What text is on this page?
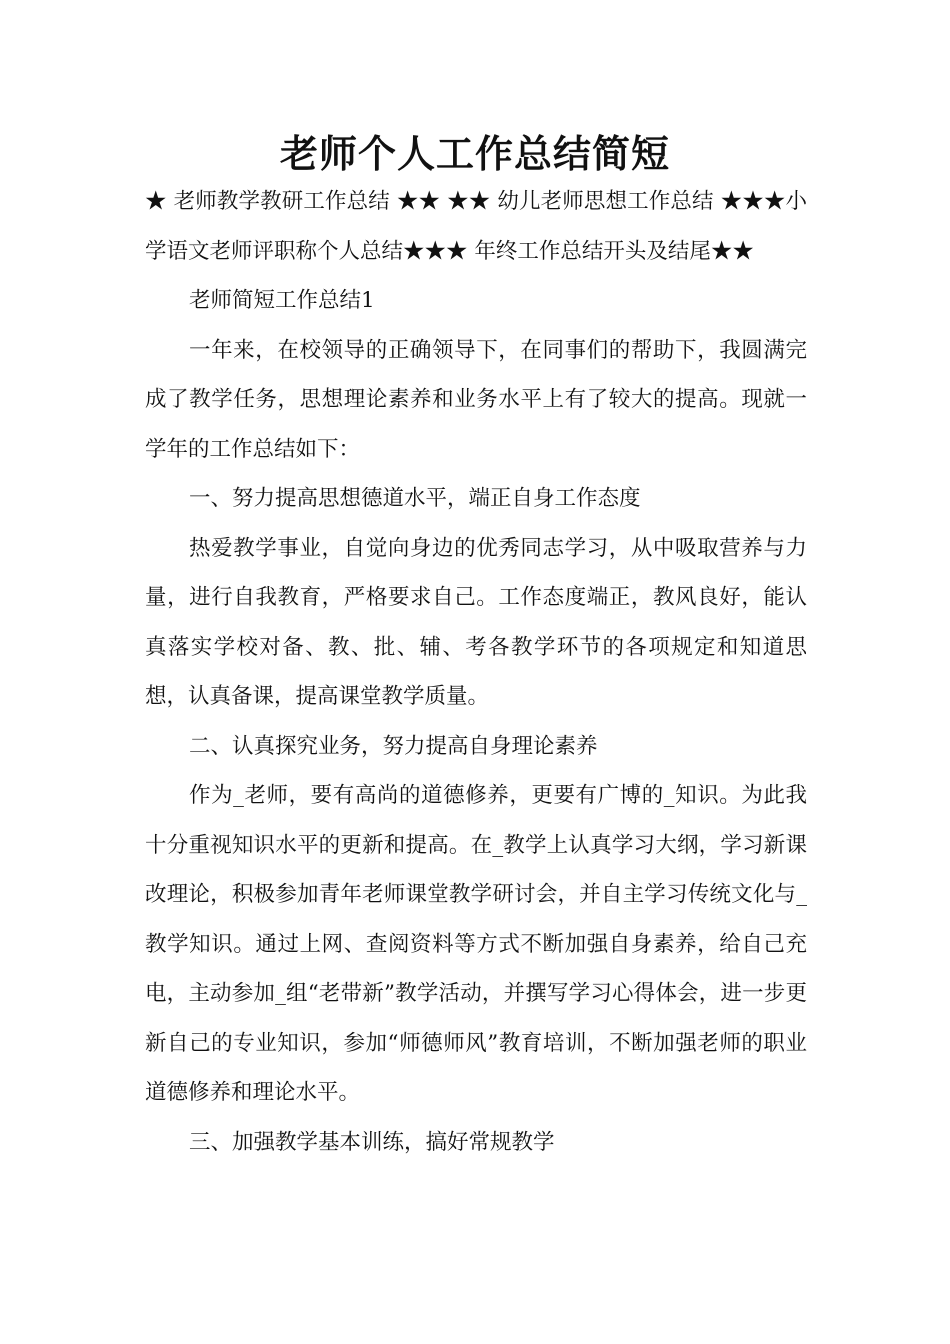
老师个人工作总结简短

★ 老师教学教研工作总结 ★★ ★★ 幼儿老师思想工作总结 ★★★小学语文老师评职称个人总结★★★ 年终工作总结开头及结尾★★

老师简短工作总结1

一年来，在校领导的正确领导下，在同事们的帮助下，我圆满完成了教学任务，思想理论素养和业务水平上有了较大的提高。现就一学年的工作总结如下：

一、努力提高思想德道水平，端正自身工作态度

热爱教学事业，自觉向身边的优秀同志学习，从中吸取营养与力量，进行自我教育，严格要求自己。工作态度端正，教风良好，能认真落实学校对备、教、批、辅、考各教学环节的各项规定和知道思想，认真备课，提高课堂教学质量。

二、认真探究业务，努力提高自身理论素养

作为_老师，要有高尚的道德修养，更要有广博的_知识。为此我十分重视知识水平的更新和提高。在_教学上认真学习大纲，学习新课改理论，积极参加青年老师课堂教学研讨会，并自主学习传统文化与_教学知识。通过上网、查阅资料等方式不断加强自身素养，给自己充电，主动参加_组“老带新”教学活动，并撰写学习心得体会，进一步更新自己的专业知识，参加“师德师风”教育培训，不断加强老师的职业道德修养和理论水平。

三、加强教学基本训练，搞好常规教学
